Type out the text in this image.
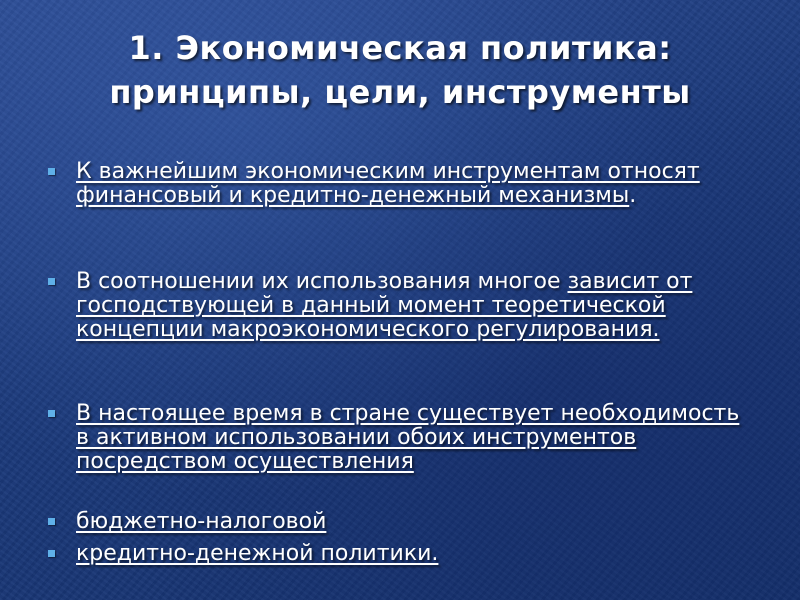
1. Экономическая политика:
принципы, цели, инструменты
К важнейшим экономическим инструментам относят финансовый и кредитно-денежный механизмы.
В соотношении их использования многое зависит от господствующей в данный момент теоретической концепции макроэкономического регулирования.
В настоящее время в стране существует необходимость в активном использовании обоих инструментов посредством осуществления
бюджетно-налоговой
кредитно-денежной политики.
